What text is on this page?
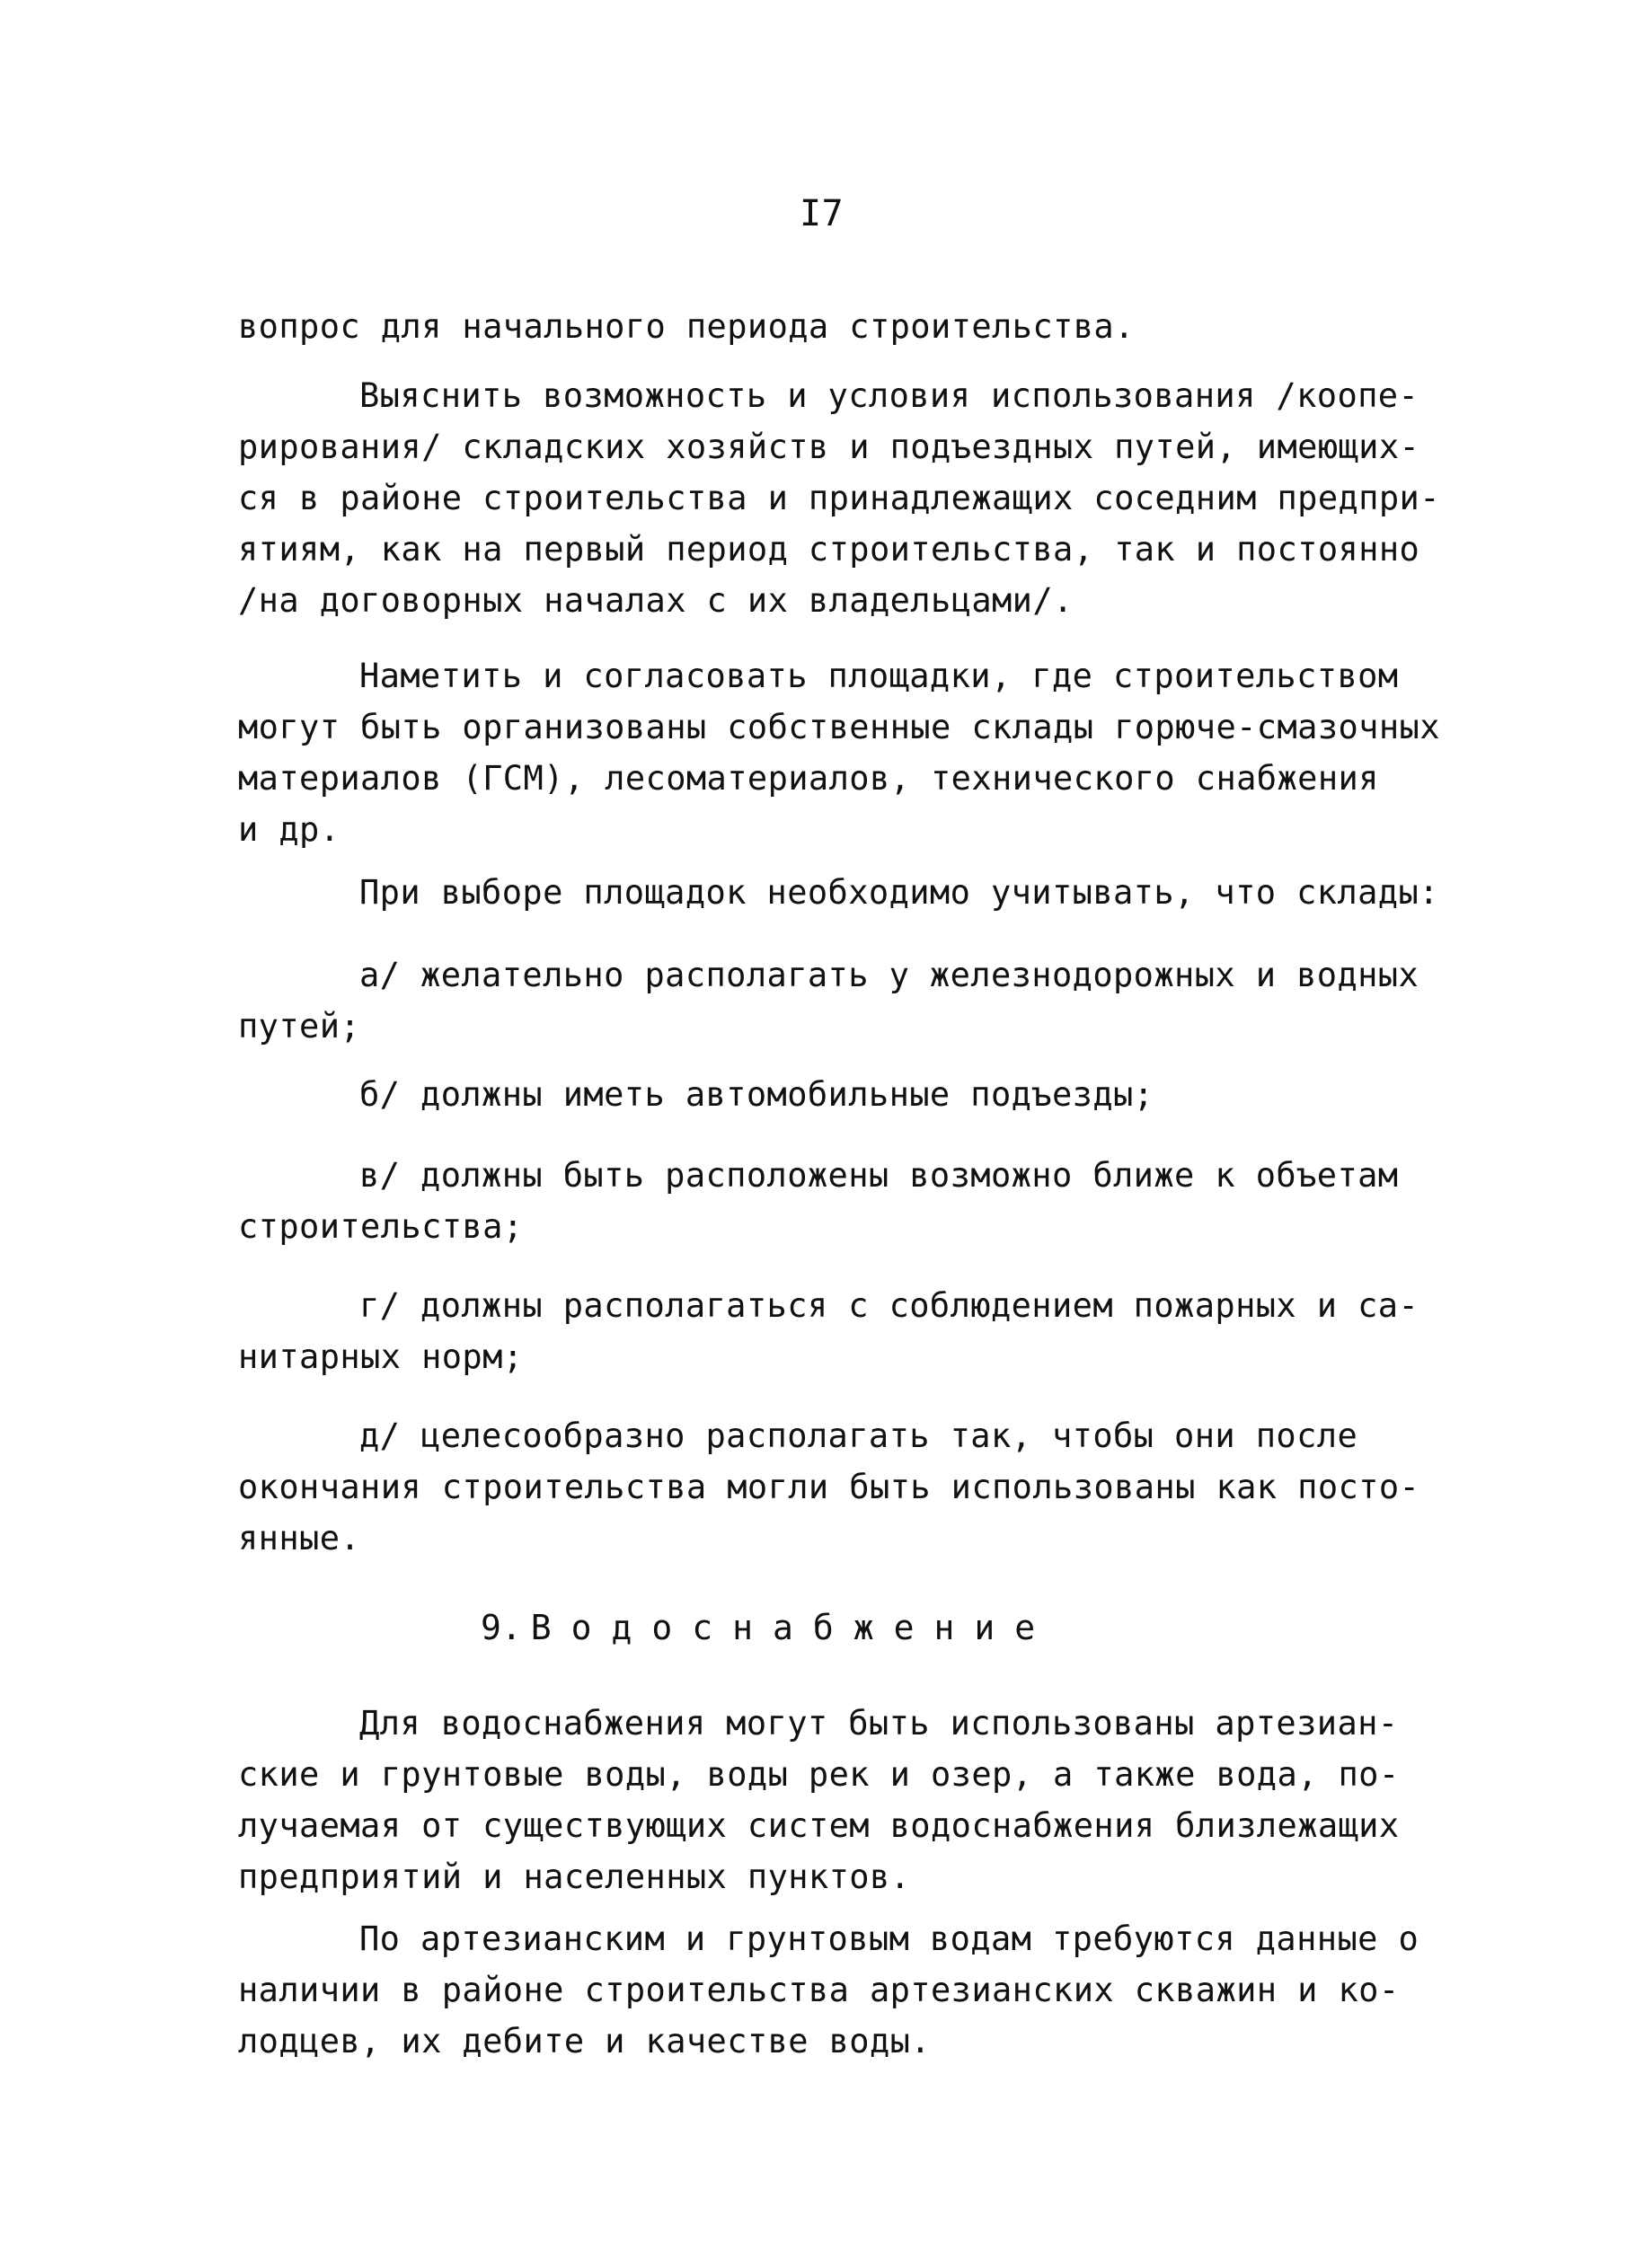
I7
вопрос для начального периода строительства.
Выяснить возможность и условия использования /коопе-
рирования/ складских хозяйств и подъездных путей, имеющих-
ся в районе строительства и принадлежащих соседним предпри-
ятиям, как на первый период строительства, так и постоянно
/на договорных началах с их владельцами/.
Наметить и согласовать площадки, где строительством
могут быть организованы собственные склады горюче-смазочных
материалов (ГСМ), лесоматериалов, технического снабжения
и др.
При выборе площадок необходимо учитывать, что склады:
а/ желательно располагать у железнодорожных и водных
путей;
б/ должны иметь автомобильные подъезды;
в/ должны быть расположены возможно ближе к объетам
строительства;
г/ должны располагаться с соблюдением пожарных и са-
нитарных норм;
д/ целесообразно располагать так, чтобы они после
окончания строительства могли быть использованы как посто-
янные.
9. Водоснабжение
Для водоснабжения могут быть использованы артезиан-
ские и грунтовые воды, воды рек и озер, а также вода, по-
лучаемая от существующих систем водоснабжения близлежащих
предприятий и населенных пунктов.
По артезианским и грунтовым водам требуются данные о
наличии в районе строительства артезианских скважин и ко-
лодцев, их дебите и качестве воды.
